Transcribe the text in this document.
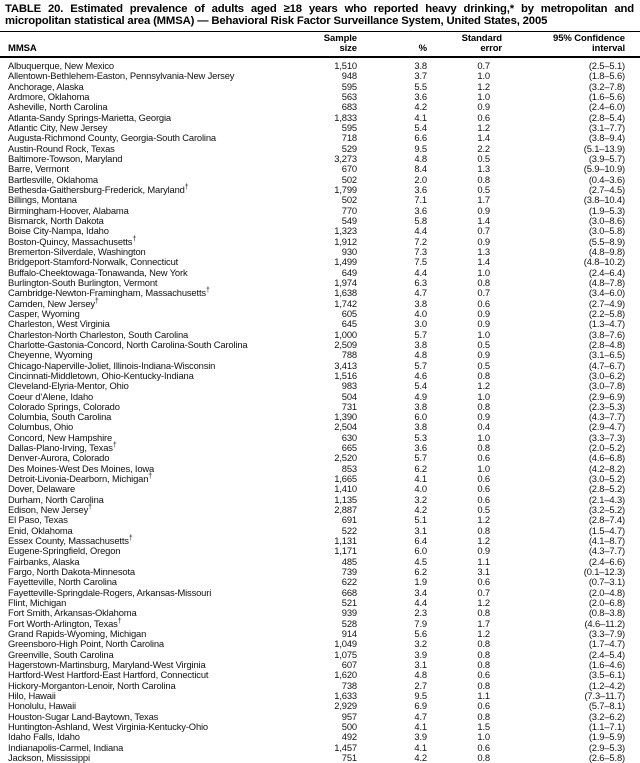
TABLE 20. Estimated prevalence of adults aged ≥18 years who reported heavy drinking,* by metropolitan and micropolitan statistical area (MMSA) — Behavioral Risk Factor Surveillance System, United States, 2005
MMSA
Sample
size	%
Standard
error
95% Confidence
interval
Albuquerque, New Mexico	1,510	3.8	0.7	(2.5–5.1)
Allentown-Bethlehem-Easton, Pennsylvania-New Jersey	948	3.7	1.0	(1.8–5.6)
Anchorage, Alaska	595	5.5	1.2	(3.2–7.8)
Ardmore, Oklahoma	563	3.6	1.0	(1.6–5.6)
Asheville, North Carolina	683	4.2	0.9	(2.4–6.0)
Atlanta-Sandy Springs-Marietta, Georgia	1,833	4.1	0.6	(2.8–5.4)
Atlantic City, New Jersey	595	5.4	1.2	(3.1–7.7)
Augusta-Richmond County, Georgia-South Carolina	718	6.6	1.4	(3.8–9.4)
Austin-Round Rock, Texas	529	9.5	2.2	(5.1–13.9)
Baltimore-Towson, Maryland	3,273	4.8	0.5	(3.9–5.7)
Barre, Vermont	670	8.4	1.3	(5.9–10.9)
Bartlesville, Oklahoma	502	2.0	0.8	(0.4–3.6)
Bethesda-Gaithersburg-Frederick, Maryland†	1,799	3.6	0.5	(2.7–4.5)
Billings, Montana	502	7.1	1.7	(3.8–10.4)
Birmingham-Hoover, Alabama	770	3.6	0.9	(1.9–5.3)
Bismarck, North Dakota	549	5.8	1.4	(3.0–8.6)
Boise City-Nampa, Idaho	1,323	4.4	0.7	(3.0–5.8)
Boston-Quincy, Massachusetts†	1,912	7.2	0.9	(5.5–8.9)
Bremerton-Silverdale, Washington	930	7.3	1.3	(4.8–9.8)
Bridgeport-Stamford-Norwalk, Connecticut	1,499	7.5	1.4	(4.8–10.2)
Buffalo-Cheektowaga-Tonawanda, New York	649	4.4	1.0	(2.4–6.4)
Burlington-South Burlington, Vermont	1,974	6.3	0.8	(4.8–7.8)
Cambridge-Newton-Framingham, Massachusetts†	1,638	4.7	0.7	(3.4–6.0)
Camden, New Jersey†	1,742	3.8	0.6	(2.7–4.9)
Casper, Wyoming	605	4.0	0.9	(2.2–5.8)
Charleston, West Virginia	645	3.0	0.9	(1.3–4.7)
Charleston-North Charleston, South Carolina	1,000	5.7	1.0	(3.8–7.6)
Charlotte-Gastonia-Concord, North Carolina-South Carolina	2,509	3.8	0.5	(2.8–4.8)
Cheyenne, Wyoming	788	4.8	0.9	(3.1–6.5)
Chicago-Naperville-Joliet, Illinois-Indiana-Wisconsin	3,413	5.7	0.5	(4.7–6.7)
Cincinnati-Middletown, Ohio-Kentucky-Indiana	1,516	4.6	0.8	(3.0–6.2)
Cleveland-Elyria-Mentor, Ohio	983	5.4	1.2	(3.0–7.8)
Coeur d’Alene, Idaho	504	4.9	1.0	(2.9–6.9)
Colorado Springs, Colorado	731	3.8	0.8	(2.3–5.3)
Columbia, South Carolina	1,390	6.0	0.9	(4.3–7.7)
Columbus, Ohio	2,504	3.8	0.4	(2.9–4.7)
Concord, New Hampshire	630	5.3	1.0	(3.3–7.3)
Dallas-Plano-Irving, Texas†	665	3.6	0.8	(2.0–5.2)
Denver-Aurora, Colorado	2,520	5.7	0.6	(4.6–6.8)
Des Moines-West Des Moines, Iowa	853	6.2	1.0	(4.2–8.2)
Detroit-Livonia-Dearborn, Michigan†	1,665	4.1	0.6	(3.0–5.2)
Dover, Delaware	1,410	4.0	0.6	(2.8–5.2)
Durham, North Carolina	1,135	3.2	0.6	(2.1–4.3)
Edison, New Jersey†	2,887	4.2	0.5	(3.2–5.2)
El Paso, Texas	691	5.1	1.2	(2.8–7.4)
Enid, Oklahoma	522	3.1	0.8	(1.5–4.7)
Essex County, Massachusetts†	1,131	6.4	1.2	(4.1–8.7)
Eugene-Springfield, Oregon	1,171	6.0	0.9	(4.3–7.7)
Fairbanks, Alaska	485	4.5	1.1	(2.4–6.6)
Fargo, North Dakota-Minnesota	739	6.2	3.1	(0.1–12.3)
Fayetteville, North Carolina	622	1.9	0.6	(0.7–3.1)
Fayetteville-Springdale-Rogers, Arkansas-Missouri	668	3.4	0.7	(2.0–4.8)
Flint, Michigan	521	4.4	1.2	(2.0–6.8)
Fort Smith, Arkansas-Oklahoma	939	2.3	0.8	(0.8–3.8)
Fort Worth-Arlington, Texas†	528	7.9	1.7	(4.6–11.2)
Grand Rapids-Wyoming, Michigan	914	5.6	1.2	(3.3–7.9)
Greensboro-High Point, North Carolina	1,049	3.2	0.8	(1.7–4.7)
Greenville, South Carolina	1,075	3.9	0.8	(2.4–5.4)
Hagerstown-Martinsburg, Maryland-West Virginia	607	3.1	0.8	(1.6–4.6)
Hartford-West Hartford-East Hartford, Connecticut	1,620	4.8	0.6	(3.5–6.1)
Hickory-Morganton-Lenoir, North Carolina	738	2.7	0.8	(1.2–4.2)
Hilo, Hawaii	1,633	9.5	1.1	(7.3–11.7)
Honolulu, Hawaii	2,929	6.9	0.6	(5.7–8.1)
Houston-Sugar Land-Baytown, Texas	957	4.7	0.8	(3.2–6.2)
Huntington-Ashland, West Virginia-Kentucky-Ohio	500	4.1	1.5	(1.1–7.1)
Idaho Falls, Idaho	492	3.9	1.0	(1.9–5.9)
Indianapolis-Carmel, Indiana	1,457	4.1	0.6	(2.9–5.3)
Jackson, Mississippi	751	4.2	0.8	(2.6–5.8)
